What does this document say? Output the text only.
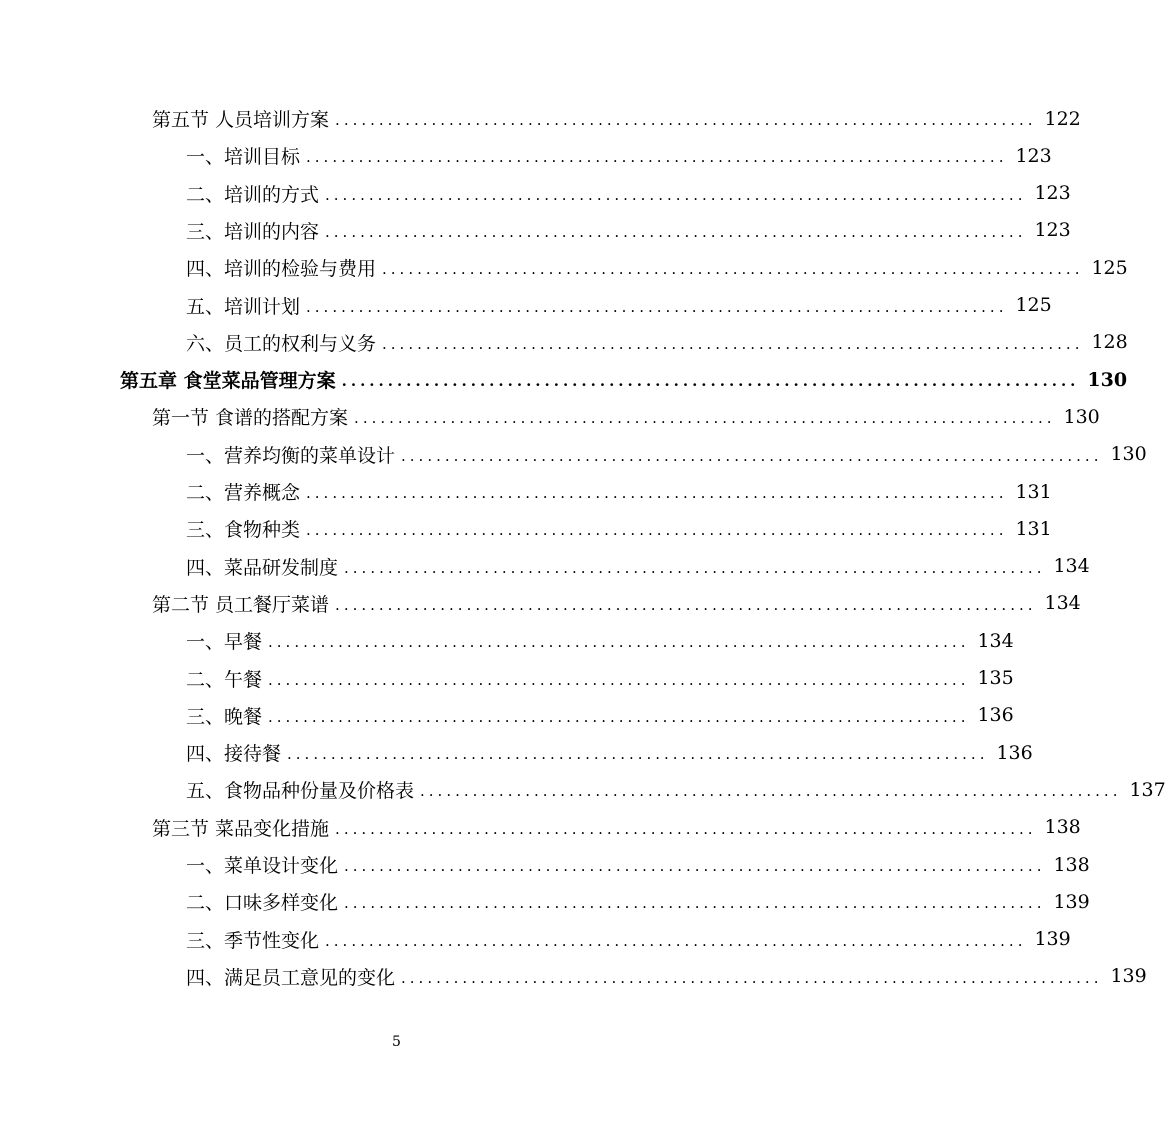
第五节 人员培训方案 ................................................................................ 122
一、培训目标 ................................................................................ 123
二、培训的方式 ................................................................................ 123
三、培训的内容 ................................................................................ 123
四、培训的检验与费用 ................................................................................ 125
五、培训计划 ................................................................................ 125
六、员工的权利与义务 ................................................................................ 128
第五章 食堂菜品管理方案 ................................................................................ 130
第一节 食谱的搭配方案 ................................................................................ 130
一、营养均衡的菜单设计 ................................................................................ 130
二、营养概念 ................................................................................ 131
三、食物种类 ................................................................................ 131
四、菜品研发制度 ................................................................................ 134
第二节 员工餐厅菜谱 ................................................................................ 134
一、早餐 ................................................................................ 134
二、午餐 ................................................................................ 135
三、晚餐 ................................................................................ 136
四、接待餐 ................................................................................ 136
五、食物品种份量及价格表 ................................................................................ 137
第三节 菜品变化措施 ................................................................................ 138
一、菜单设计变化 ................................................................................ 138
二、口味多样变化 ................................................................................ 139
三、季节性变化 ................................................................................ 139
四、满足员工意见的变化 ................................................................................ 139
5
